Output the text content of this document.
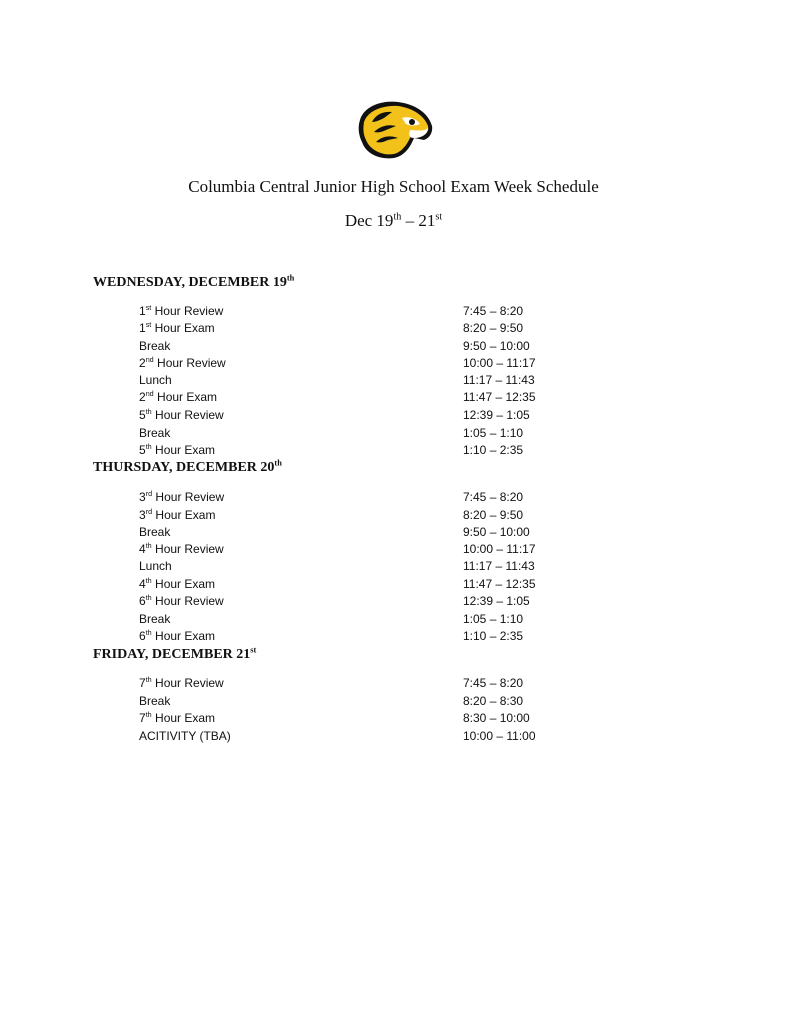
Columbia Central Junior High School Exam Week Schedule
Dec 19th – 21st
WEDNESDAY, DECEMBER 19th
1st Hour Review	7:45 – 8:20
1st Hour Exam	8:20 – 9:50
Break	9:50 – 10:00
2nd Hour Review	10:00 – 11:17
Lunch	11:17 – 11:43
2nd Hour Exam	11:47 – 12:35
5th Hour Review	12:39 – 1:05
Break	1:05 – 1:10
5th Hour Exam	1:10 – 2:35
THURSDAY, DECEMBER 20th
3rd Hour Review	7:45 – 8:20
3rd Hour Exam	8:20 – 9:50
Break	9:50 – 10:00
4th Hour Review	10:00 – 11:17
Lunch	11:17 – 11:43
4th Hour Exam	11:47 – 12:35
6th Hour Review	12:39 – 1:05
Break	1:05 – 1:10
6th Hour Exam	1:10 – 2:35
FRIDAY, DECEMBER 21st
7th Hour Review	7:45 – 8:20
Break	8:20 – 8:30
7th Hour Exam	8:30 – 10:00
ACITIVITY (TBA)	10:00 – 11:00
